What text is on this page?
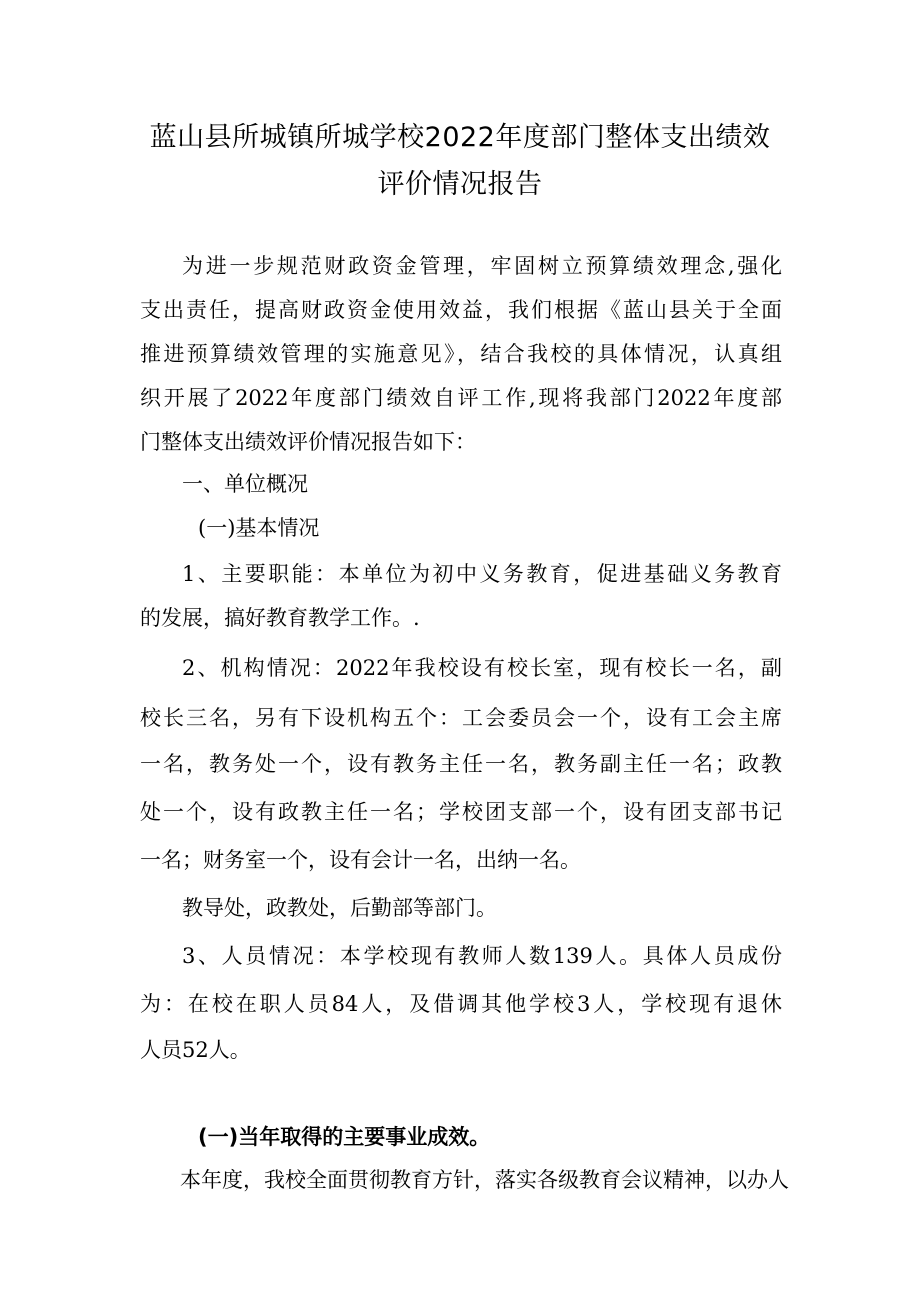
蓝山县所城镇所城学校2022年度部门整体支出绩效
评价情况报告

为进一步规范财政资金管理，牢固树立预算绩效理念,强化

支出责任，提高财政资金使用效益，我们根据《蓝山县关于全面

推进预算绩效管理的实施意见》，结合我校的具体情况，认真组

织开展了2022年度部门绩效自评工作,现将我部门2022年度部

门整体支出绩效评价情况报告如下：

一、单位概况

(一)基本情况

1、主要职能：本单位为初中义务教育，促进基础义务教育

的发展，搞好教育教学工作。.

2、机构情况：2022年我校设有校长室，现有校长一名，副

校长三名，另有下设机构五个：工会委员会一个，设有工会主席

一名，教务处一个，设有教务主任一名，教务副主任一名；政教

处一个，设有政教主任一名；学校团支部一个，设有团支部书记

一名；财务室一个，设有会计一名，出纳一名。

教导处，政教处，后勤部等部门。

3、人员情况：本学校现有教师人数139人。具体人员成份

为：在校在职人员84人，及借调其他学校3人，学校现有退休

人员52人。

(一)当年取得的主要事业成效。

本年度，我校全面贯彻教育方针，落实各级教育会议精神，以办人
